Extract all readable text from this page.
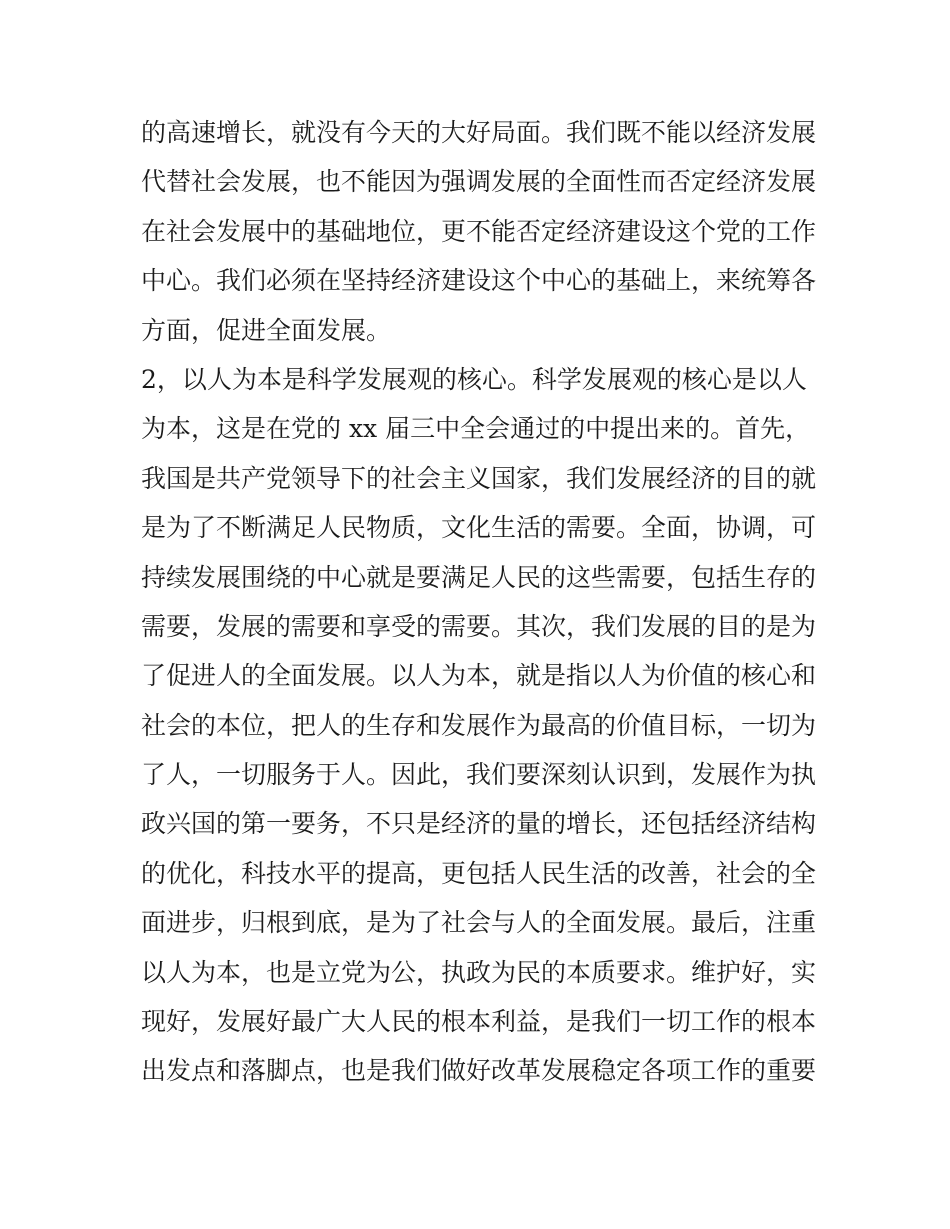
的高速增长，就没有今天的大好局面。我们既不能以经济发展
代替社会发展，也不能因为强调发展的全面性而否定经济发展
在社会发展中的基础地位，更不能否定经济建设这个党的工作
中心。我们必须在坚持经济建设这个中心的基础上，来统筹各
方面，促进全面发展。
2，以人为本是科学发展观的核心。科学发展观的核心是以人
为本，这是在党的 xx 届三中全会通过的中提出来的。首先，
我国是共产党领导下的社会主义国家，我们发展经济的目的就
是为了不断满足人民物质，文化生活的需要。全面，协调，可
持续发展围绕的中心就是要满足人民的这些需要，包括生存的
需要，发展的需要和享受的需要。其次，我们发展的目的是为
了促进人的全面发展。以人为本，就是指以人为价值的核心和
社会的本位，把人的生存和发展作为最高的价值目标，一切为
了人，一切服务于人。因此，我们要深刻认识到，发展作为执
政兴国的第一要务，不只是经济的量的增长，还包括经济结构
的优化，科技水平的提高，更包括人民生活的改善，社会的全
面进步，归根到底，是为了社会与人的全面发展。最后，注重
以人为本，也是立党为公，执政为民的本质要求。维护好，实
现好，发展好最广大人民的根本利益，是我们一切工作的根本
出发点和落脚点，也是我们做好改革发展稳定各项工作的重要
